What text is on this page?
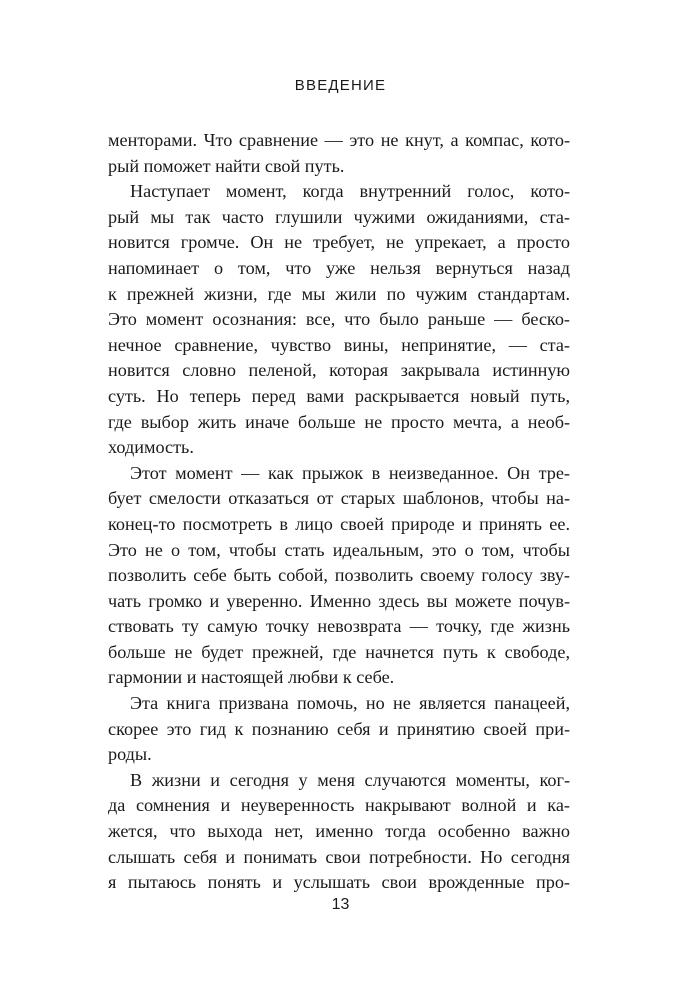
ВВЕДЕНИЕ
менторами. Что сравнение — это не кнут, а компас, кото-
рый поможет найти свой путь.
Наступает момент, когда внутренний голос, кото-
рый мы так часто глушили чужими ожиданиями, ста-
новится громче. Он не требует, не упрекает, а просто
напоминает о том, что уже нельзя вернуться назад
к прежней жизни, где мы жили по чужим стандартам.
Это момент осознания: все, что было раньше — беско-
нечное сравнение, чувство вины, непринятие, — ста-
новится словно пеленой, которая закрывала истинную
суть. Но теперь перед вами раскрывается новый путь,
где выбор жить иначе больше не просто мечта, а необ-
ходимость.
Этот момент — как прыжок в неизведанное. Он тре-
бует смелости отказаться от старых шаблонов, чтобы на-
конец-то посмотреть в лицо своей природе и принять ее.
Это не о том, чтобы стать идеальным, это о том, чтобы
позволить себе быть собой, позволить своему голосу зву-
чать громко и уверенно. Именно здесь вы можете почув-
ствовать ту самую точку невозврата — точку, где жизнь
больше не будет прежней, где начнется путь к свободе,
гармонии и настоящей любви к себе.
Эта книга призвана помочь, но не является панацеей,
скорее это гид к познанию себя и принятию своей при-
роды.
В жизни и сегодня у меня случаются моменты, ког-
да сомнения и неуверенность накрывают волной и ка-
жется, что выхода нет, именно тогда особенно важно
слышать себя и понимать свои потребности. Но сегодня
я пытаюсь понять и услышать свои врожденные про-
13
